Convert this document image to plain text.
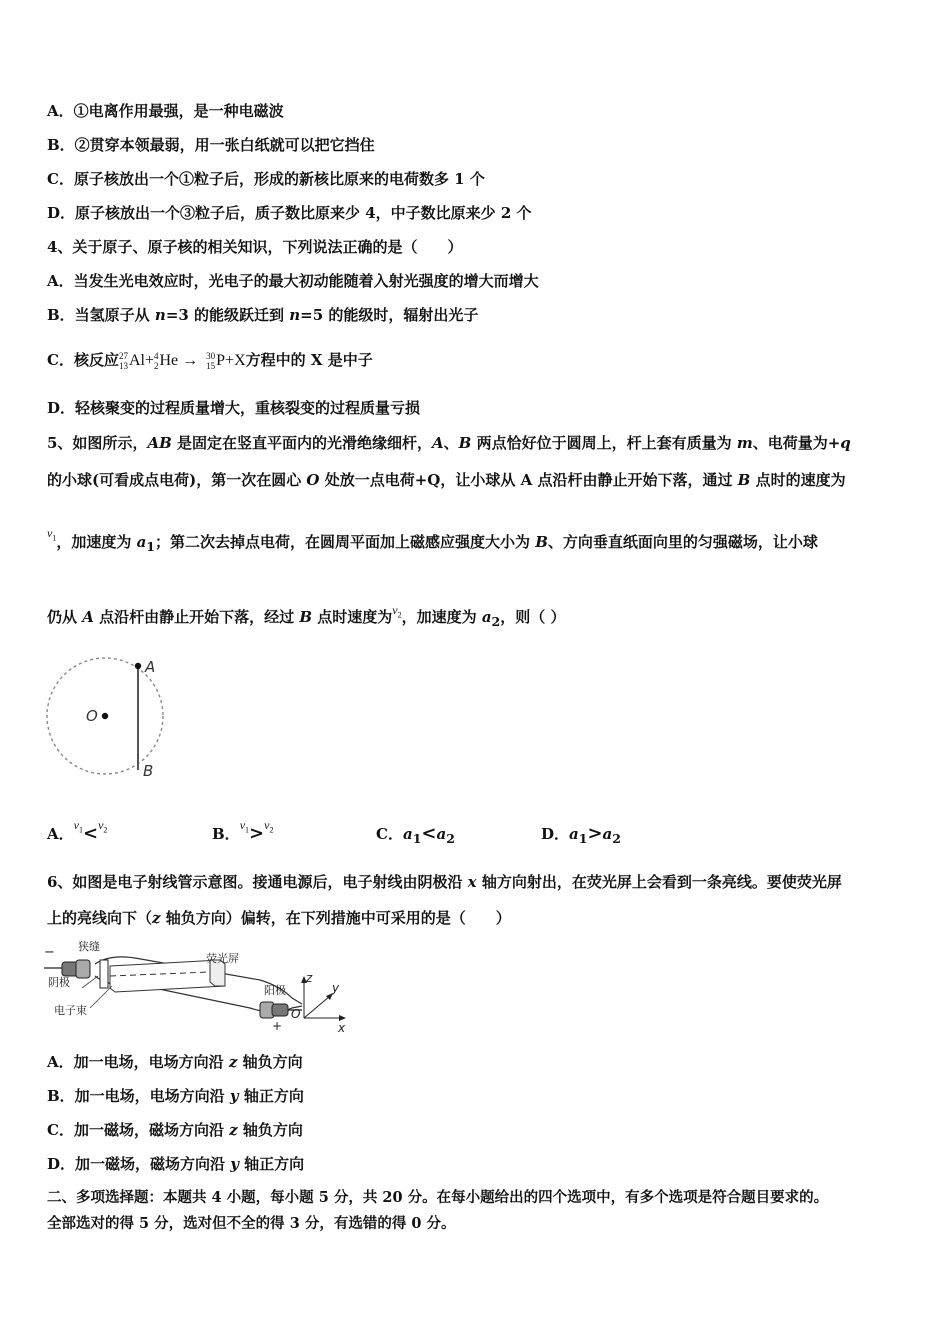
A．①电离作用最强，是一种电磁波
B．②贯穿本领最弱，用一张白纸就可以把它挡住
C．原子核放出一个①粒子后，形成的新核比原来的电荷数多 1 个
D．原子核放出一个③粒子后，质子数比原来少 4，中子数比原来少 2 个
4、关于原子、原子核的相关知识，下列说法正确的是（　　）
A．当发生光电效应时，光电子的最大初动能随着入射光强度的增大而增大
B．当氢原子从 n=3 的能级跃迁到 n=5 的能级时，辐射出光子
C．核反应27
13Al+4
2He → 30
15P+X方程中的 X 是中子
D．轻核聚变的过程质量增大，重核裂变的过程质量亏损
5、如图所示，AB 是固定在竖直平面内的光滑绝缘细杆，A、B 两点恰好位于圆周上，杆上套有质量为 m、电荷量为+q
的小球(可看成点电荷)，第一次在圆心 O 处放一点电荷+Q，让小球从 A 点沿杆由静止开始下落，通过 B 点时的速度为
$^{v_1}$，加速度为 $a_1$；第二次去掉点电荷，在圆周平面加上磁感应强度大小为 B、方向垂直纸面向里的匀强磁场，让小球
仍从 A 点沿杆由静止开始下落，经过 B 点时速度为$^{v_2}$，加速度为 $a_2$，则（ ）
A
O
B
A．$^{v_1}$<$^{v_2}$	B．$^{v_1}$>$^{v_2}$	C．$a_1<a_2$	D．$a_1>a_2$
6、如图是电子射线管示意图。接通电源后，电子射线由阴极沿 x 轴方向射出，在荧光屏上会看到一条亮线。要使荧光屏
上的亮线向下（z 轴负方向）偏转，在下列措施中可采用的是（　　）
狭缝
荧光屏
阴极
电子束
阳极
−
+
z
y
x
O
A．加一电场，电场方向沿 z 轴负方向
B．加一电场，电场方向沿 y 轴正方向
C．加一磁场，磁场方向沿 z 轴负方向
D．加一磁场，磁场方向沿 y 轴正方向
二、多项选择题：本题共 4 小题，每小题 5 分，共 20 分。在每小题给出的四个选项中，有多个选项是符合题目要求的。
全部选对的得 5 分，选对但不全的得 3 分，有选错的得 0 分。
